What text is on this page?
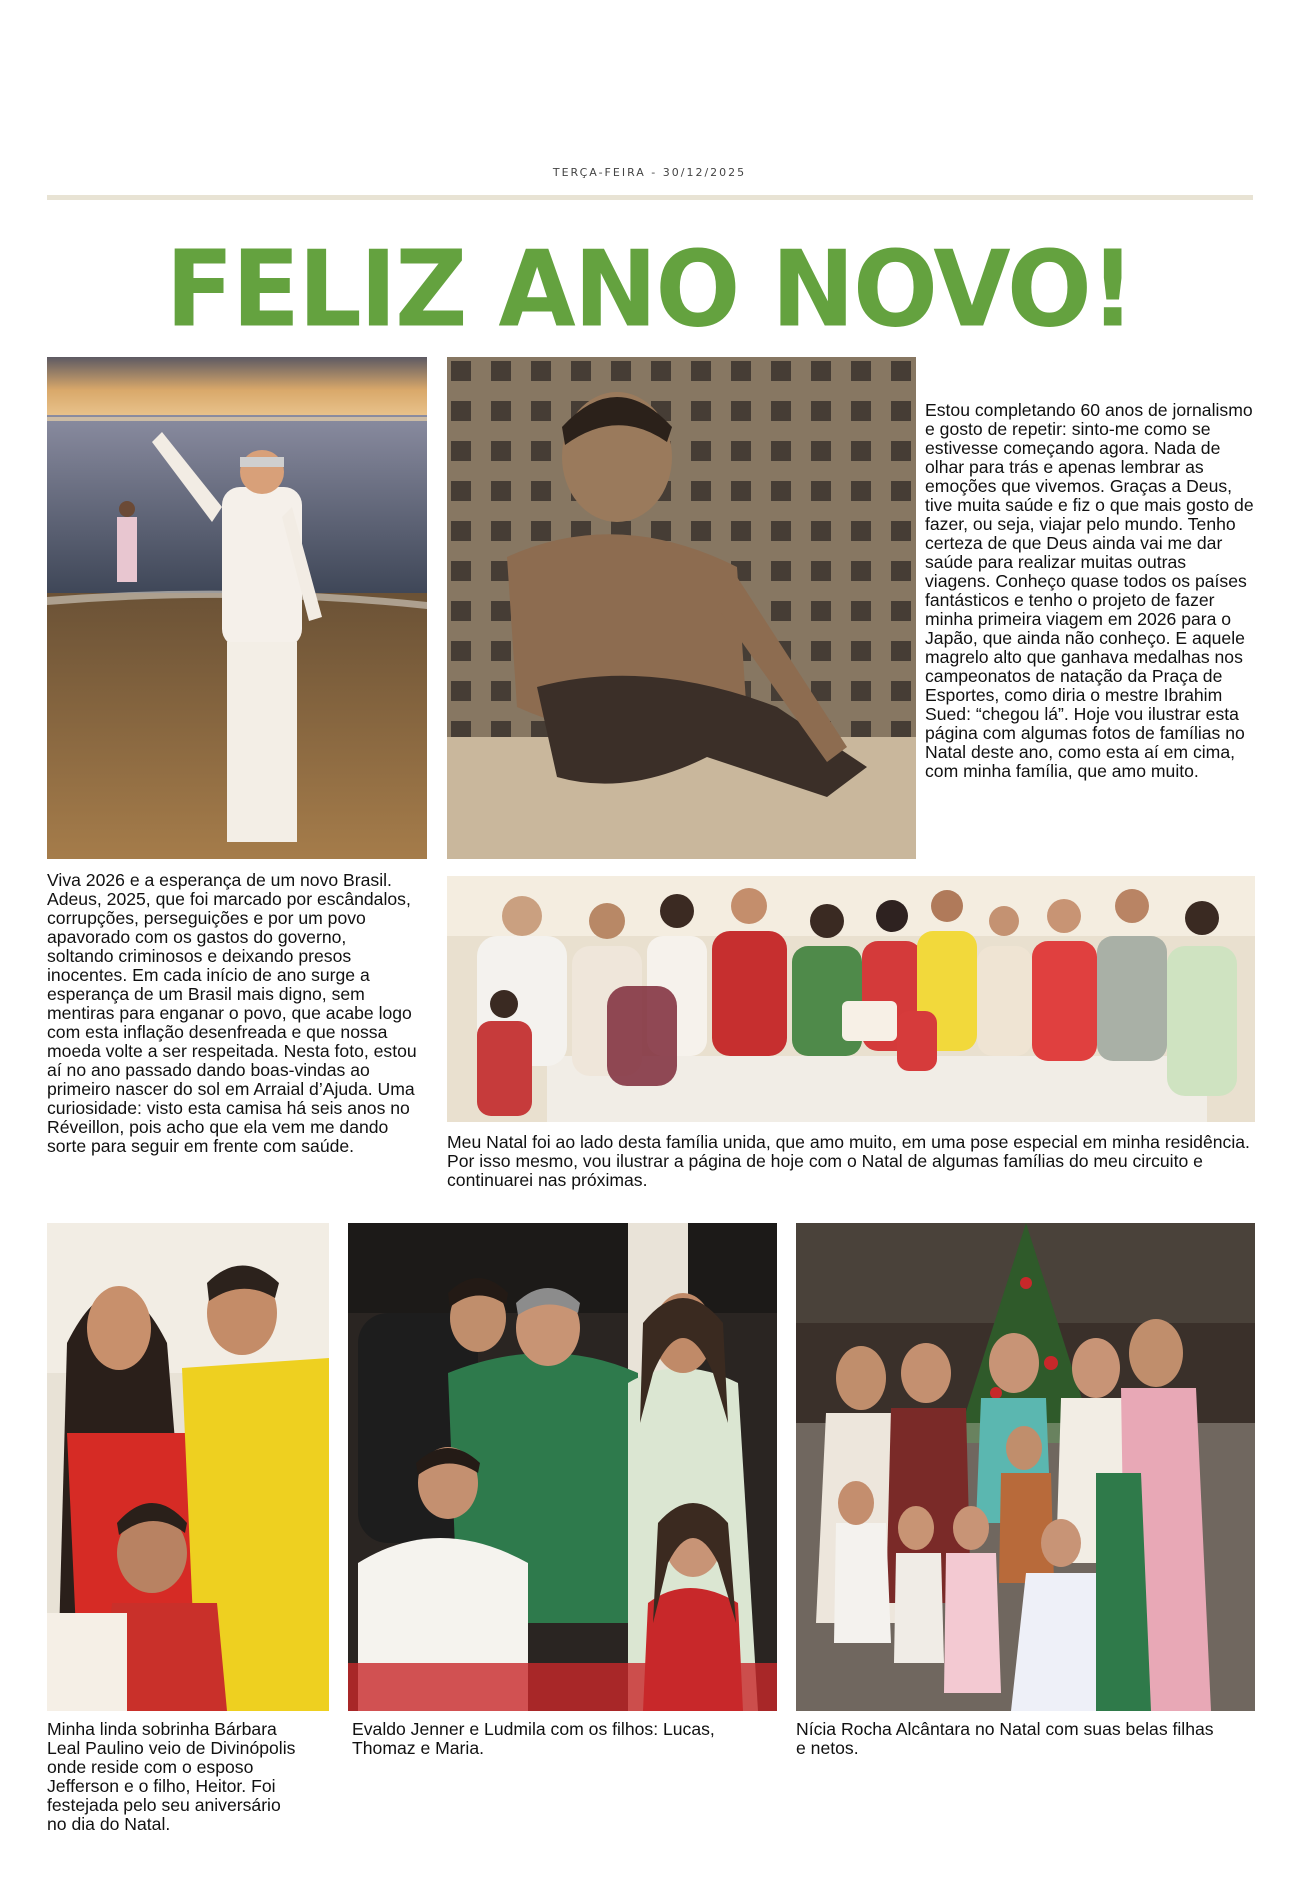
TERÇA-FEIRA - 30/12/2025
FELIZ ANO NOVO!
Estou completando 60 anos de jornalismo e gosto de repetir: sinto-me como se estivesse começando agora. Nada de olhar para trás e apenas lembrar as emoções que vivemos. Graças a Deus, tive muita saúde e fiz o que mais gosto de fazer, ou seja, viajar pelo mundo. Tenho certeza de que Deus ainda vai me dar saúde para realizar muitas outras viagens. Conheço quase todos os países fantásticos e tenho o projeto de fazer minha primeira viagem em 2026 para o Japão, que ainda não conheço. E aquele magrelo alto que ganhava medalhas nos campeonatos de natação da Praça de Esportes, como diria o mestre Ibrahim Sued: “chegou lá”. Hoje vou ilustrar esta página com algumas fotos de famílias no Natal deste ano, como esta aí em cima, com minha família, que amo muito.
Viva 2026 e a esperança de um novo Brasil. Adeus, 2025, que foi marcado por escândalos, corrupções, perseguições e por um povo apavorado com os gastos do governo, soltando criminosos e deixando presos inocentes. Em cada início de ano surge a esperança de um Brasil mais digno, sem mentiras para enganar o povo, que acabe logo com esta inflação desenfreada e que nossa moeda volte a ser respeitada. Nesta foto, estou aí no ano passado dando boas-vindas ao primeiro nascer do sol em Arraial d’Ajuda. Uma curiosidade: visto esta camisa há seis anos no Réveillon, pois acho que ela vem me dando sorte para seguir em frente com saúde.	Meu Natal foi ao lado desta família unida, que amo muito, em uma pose especial em minha residência. Por isso mesmo, vou ilustrar a página de hoje com o Natal de algumas famílias do meu circuito e continuarei nas próximas.
Minha linda sobrinha Bárbara Leal Paulino veio de Divinópolis onde reside com o esposo Jefferson e o filho, Heitor. Foi festejada pelo seu aniversário no dia do Natal.
Evaldo Jenner e Ludmila com os filhos: Lucas, Thomaz e Maria.
Nícia Rocha Alcântara no Natal com suas belas filhas e netos.
